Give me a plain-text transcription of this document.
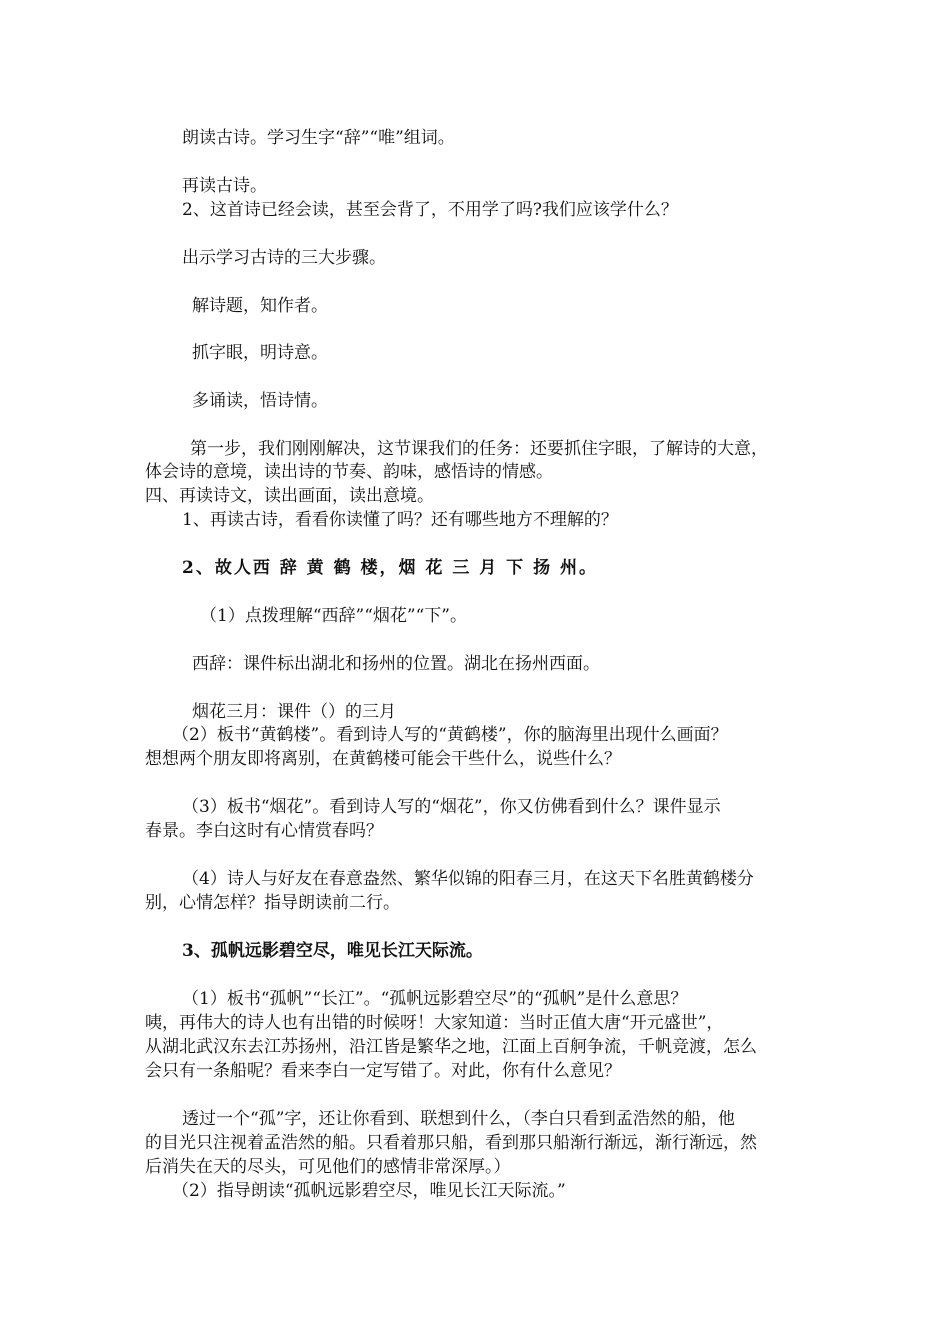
朗读古诗。学习生字“辞”“唯”组词。

再读古诗。

2、这首诗已经会读，甚至会背了，不用学了吗?我们应该学什么？

出示学习古诗的三大步骤。

解诗题，知作者。

抓字眼，明诗意。

多诵读，悟诗情。

第一步，我们刚刚解决，这节课我们的任务：还要抓住字眼，了解诗的大意，

体会诗的意境，读出诗的节奏、韵味，感悟诗的情感。

四、再读诗文，读出画面，读出意境。

1、再读古诗，看看你读懂了吗？还有哪些地方不理解的？

2、故人西 辞 黄 鹤 楼，烟 花 三 月 下 扬 州。

（1）点拨理解“西辞”“烟花”“下”。

西辞：课件标出湖北和扬州的位置。湖北在扬州西面。

烟花三月：课件（）的三月

（2）板书“黄鹤楼”。看到诗人写的“黄鹤楼”，你的脑海里出现什么画面？

想想两个朋友即将离别，在黄鹤楼可能会干些什么，说些什么？

（3）板书“烟花”。看到诗人写的“烟花”，你又仿佛看到什么？课件显示

春景。李白这时有心情赏春吗？

（4）诗人与好友在春意盎然、繁华似锦的阳春三月，在这天下名胜黄鹤楼分

别，心情怎样？指导朗读前二行。

3、孤帆远影碧空尽，唯见长江天际流。

（1）板书“孤帆”“长江”。“孤帆远影碧空尽”的“孤帆”是什么意思？

咦，再伟大的诗人也有出错的时候呀！大家知道：当时正值大唐“开元盛世”，

从湖北武汉东去江苏扬州，沿江皆是繁华之地，江面上百舸争流，千帆竞渡，怎么

会只有一条船呢？看来李白一定写错了。对此，你有什么意见？

透过一个“孤”字，还让你看到、联想到什么，（李白只看到孟浩然的船，他

的目光只注视着孟浩然的船。只看着那只船，看到那只船渐行渐远，渐行渐远，然

后消失在天的尽头，可见他们的感情非常深厚。）

（2）指导朗读“孤帆远影碧空尽，唯见长江天际流。”
